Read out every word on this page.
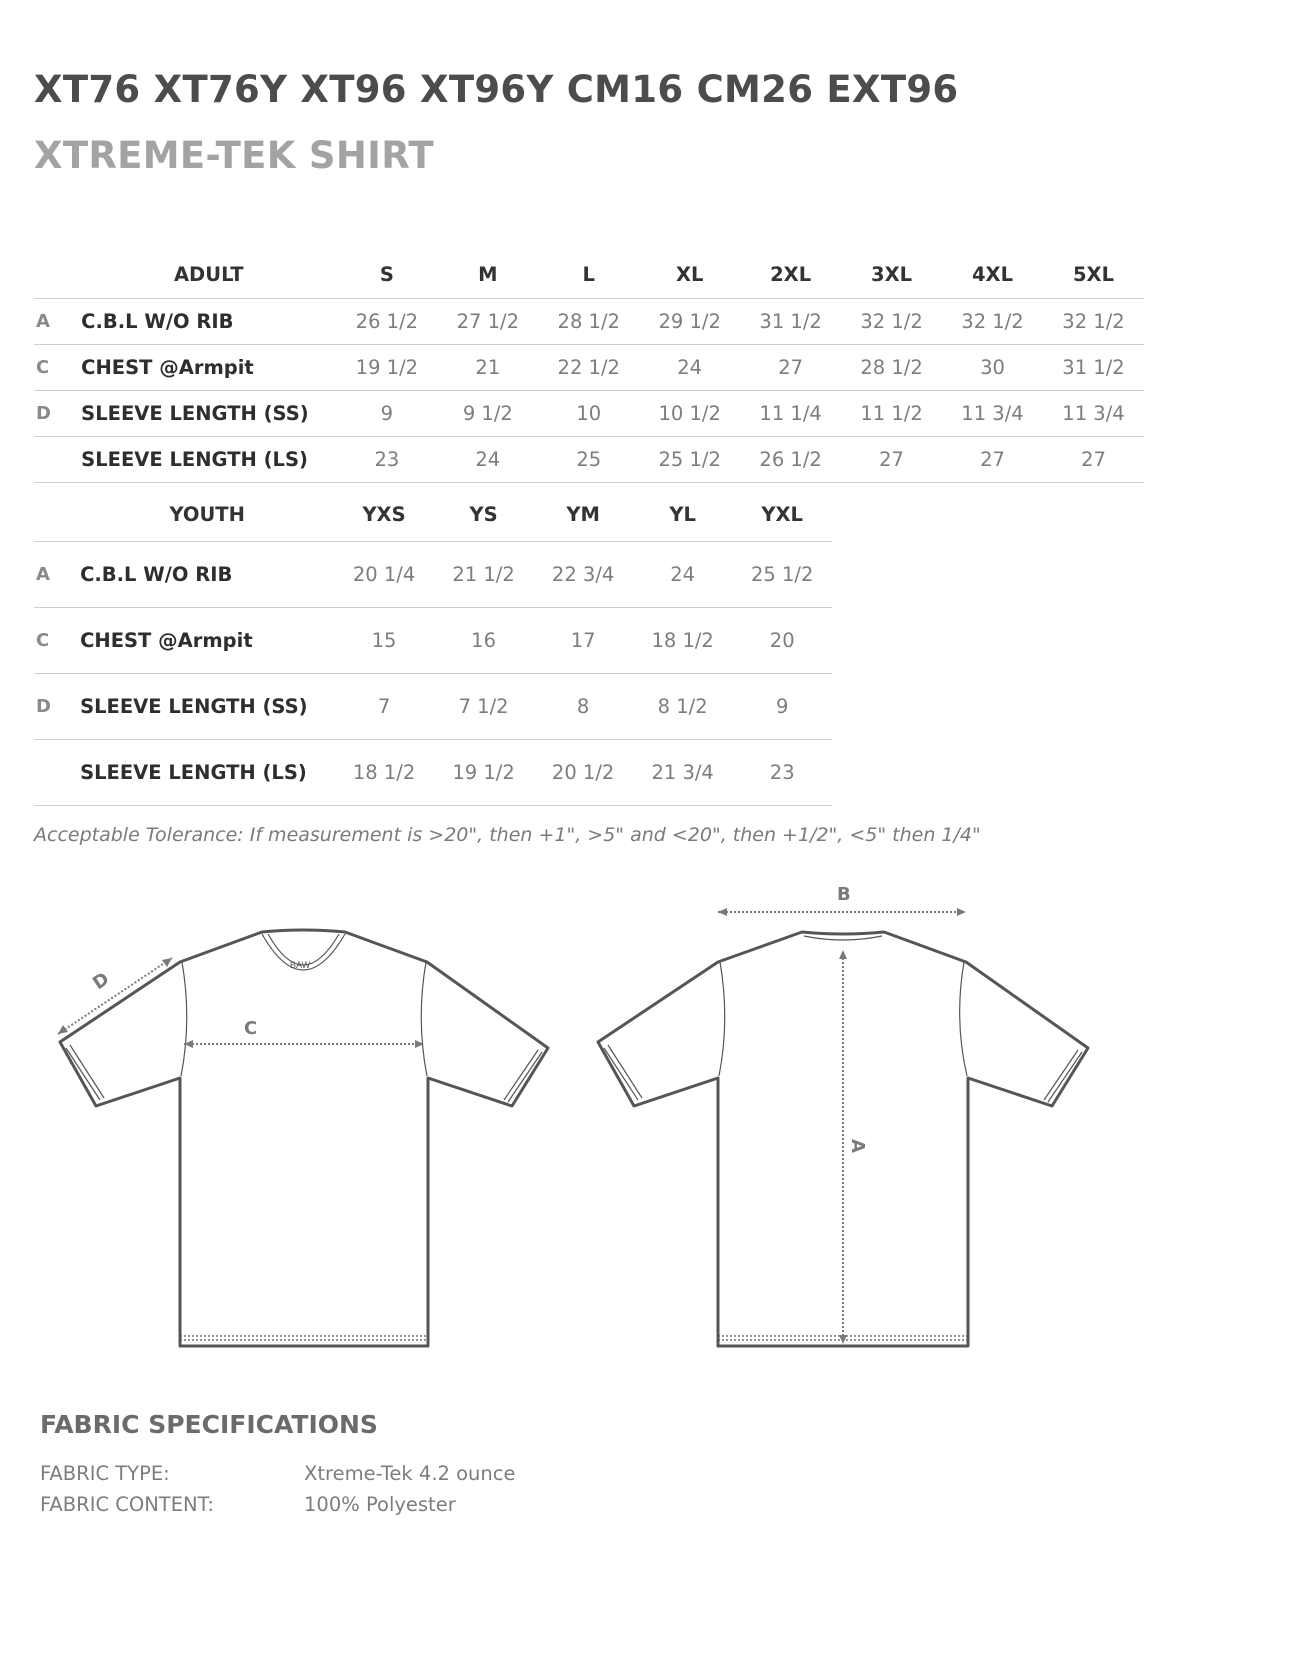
XT76 XT76Y XT96 XT96Y CM16 CM26 EXT96
XTREME-TEK SHIRT
	ADULT	S	M	L	XL	2XL	3XL	4XL	5XL
A	C.B.L W/O RIB	26 1/2	27 1/2	28 1/2	29 1/2	31 1/2	32 1/2	32 1/2	32 1/2
C	CHEST @Armpit	19 1/2	21	22 1/2	24	27	28 1/2	30	31 1/2
D	SLEEVE LENGTH (SS)	9	9 1/2	10	10 1/2	11 1/4	11 1/2	11 3/4	11 3/4
	SLEEVE LENGTH (LS)	23	24	25	25 1/2	26 1/2	27	27	27
	YOUTH	YXS	YS	YM	YL	YXL
A	C.B.L W/O RIB	20 1/4	21 1/2	22 3/4	24	25 1/2
C	CHEST @Armpit	15	16	17	18 1/2	20
D	SLEEVE LENGTH (SS)	7	7 1/2	8	8 1/2	9
	SLEEVE LENGTH (LS)	18 1/2	19 1/2	20 1/2	21 3/4	23
Acceptable Tolerance: If measurement is >20", then +1", >5" and <20", then +1/2", <5" then 1/4"
BAW
D
C
B
A
FABRIC SPECIFICATIONS
FABRIC TYPE:	Xtreme-Tek 4.2 ounce
FABRIC CONTENT:	100% Polyester
